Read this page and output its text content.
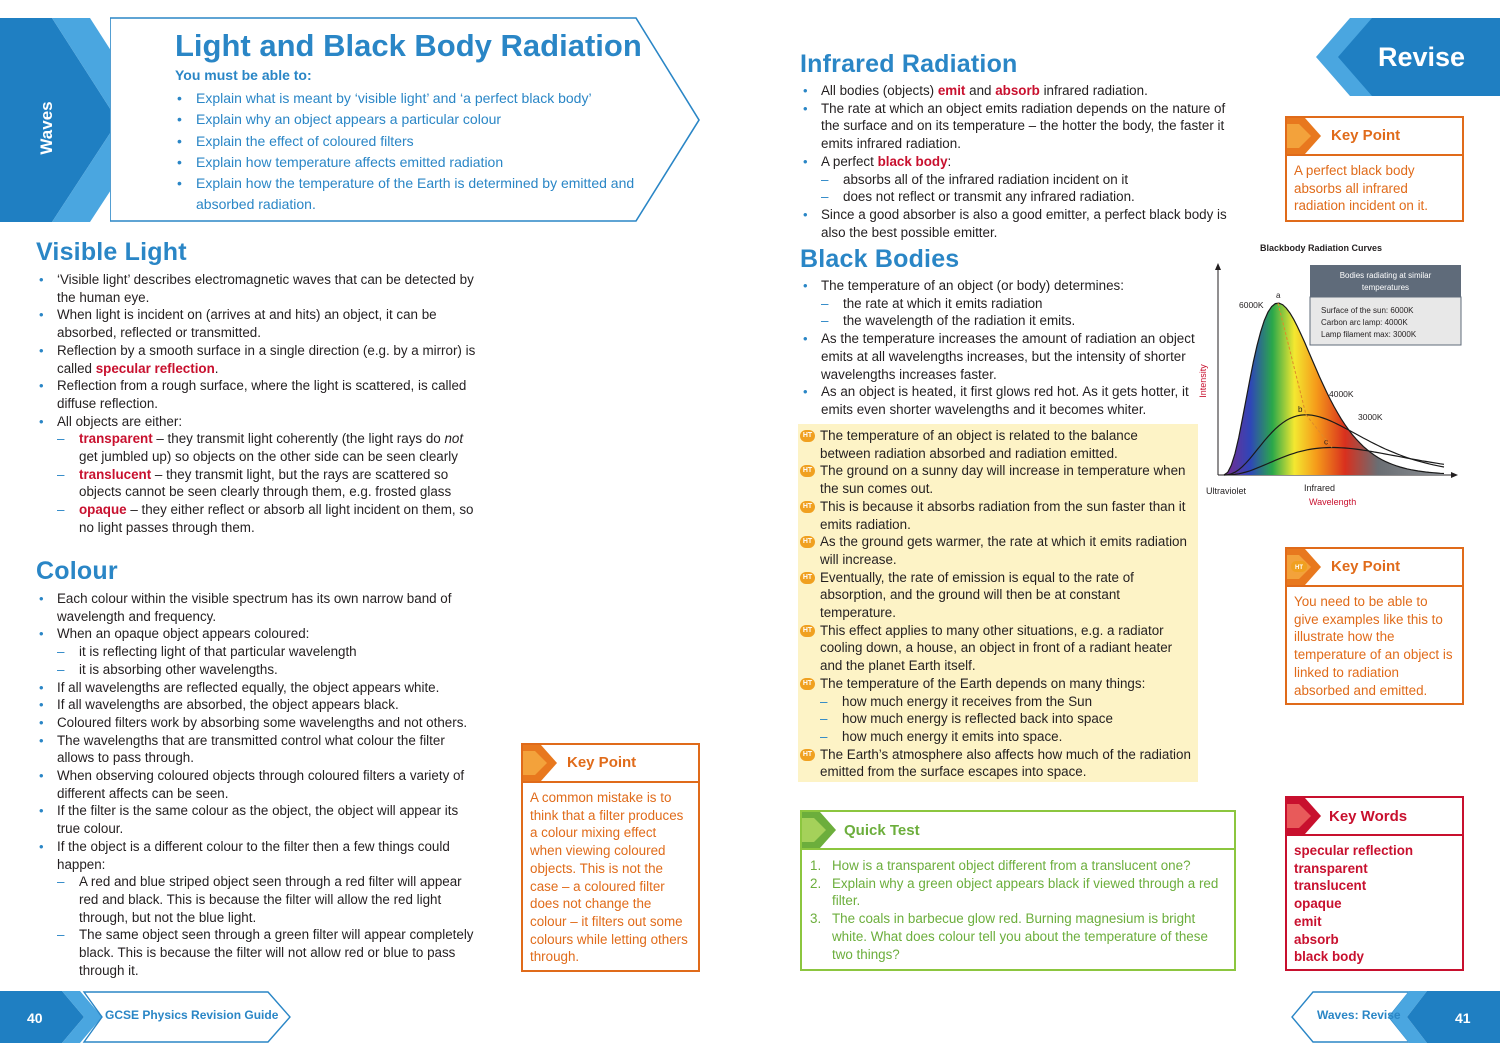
Waves
Light and Black Body Radiation
You must be able to:
• Explain what is meant by ‘visible light’ and ‘a perfect black body’
• Explain why an object appears a particular colour
• Explain the effect of coloured filters
• Explain how temperature affects emitted radiation
• Explain how the temperature of the Earth is determined by emitted and absorbed radiation.
Visible Light
• ‘Visible light’ describes electromagnetic waves that can be detected by the human eye.
• When light is incident on (arrives at and hits) an object, it can be absorbed, reflected or transmitted.
• Reflection by a smooth surface in a single direction (e.g. by a mirror) is called specular reflection.
• Reflection from a rough surface, where the light is scattered, is called diffuse reflection.
• All objects are either:
– transparent – they transmit light coherently (the light rays do not get jumbled up) so objects on the other side can be seen clearly
– translucent – they transmit light, but the rays are scattered so objects cannot be seen clearly through them, e.g. frosted glass
– opaque – they either reflect or absorb all light incident on them, so no light passes through them.
Colour
• Each colour within the visible spectrum has its own narrow band of wavelength and frequency.
• When an opaque object appears coloured:
– it is reflecting light of that particular wavelength
– it is absorbing other wavelengths.
• If all wavelengths are reflected equally, the object appears white.
• If all wavelengths are absorbed, the object appears black.
• Coloured filters work by absorbing some wavelengths and not others.
• The wavelengths that are transmitted control what colour the filter allows to pass through.
• When observing coloured objects through coloured filters a variety of different affects can be seen.
• If the filter is the same colour as the object, the object will appear its true colour.
• If the object is a different colour to the filter then a few things could happen:
– A red and blue striped object seen through a red filter will appear red and black. This is because the filter will allow the red light through, but not the blue light.
– The same object seen through a green filter will appear completely black. This is because the filter will not allow red or blue to pass through it.
Key Point
A common mistake is to think that a filter produces a colour mixing effect when viewing coloured objects. This is not the case – a coloured filter does not change the colour – it filters out some colours while letting others through.
40	GCSE Physics Revision Guide
Revise
Infrared Radiation
• All bodies (objects) emit and absorb infrared radiation.
• The rate at which an object emits radiation depends on the nature of the surface and on its temperature – the hotter the body, the faster it emits infrared radiation.
• A perfect black body:
– absorbs all of the infrared radiation incident on it
– does not reflect or transmit any infrared radiation.
• Since a good absorber is also a good emitter, a perfect black body is also the best possible emitter.
Black Bodies
• The temperature of an object (or body) determines:
– the rate at which it emits radiation
– the wavelength of the radiation it emits.
• As the temperature increases the amount of radiation an object emits at all wavelengths increases, but the intensity of shorter wavelengths increases faster.
• As an object is heated, it first glows red hot. As it gets hotter, it emits even shorter wavelengths and it becomes whiter.
HT The temperature of an object is related to the balance between radiation absorbed and radiation emitted.
HT The ground on a sunny day will increase in temperature when the sun comes out.
HT This is because it absorbs radiation from the sun faster than it emits radiation.
HT As the ground gets warmer, the rate at which it emits radiation will increase.
HT Eventually, the rate of emission is equal to the rate of absorption, and the ground will then be at constant temperature.
HT This effect applies to many other situations, e.g. a radiator cooling down, a house, an object in front of a radiant heater and the planet Earth itself.
HT The temperature of the Earth depends on many things:
– how much energy it receives from the Sun
– how much energy is reflected back into space
– how much energy it emits into space.
HT The Earth’s atmosphere also affects how much of the radiation emitted from the surface escapes into space.
Key Point
A perfect black body absorbs all infrared radiation incident on it.
Blackbody Radiation Curves
a
6000K
b
4000K
c
3000K
Intensity
Ultraviolet	Infrared
Wavelength
Bodies radiating at similar
temperatures
Surface of the sun: 6000K
Carbon arc lamp: 4000K
Lamp filament max: 3000K
HT Key Point
You need to be able to give examples like this to illustrate how the temperature of an object is linked to radiation absorbed and emitted.
Quick Test
1. How is a transparent object different from a translucent one?
2. Explain why a green object appears black if viewed through a red filter.
3. The coals in barbecue glow red. Burning magnesium is bright white. What does colour tell you about the temperature of these two things?
Key Words
specular reflection
transparent
translucent
opaque
emit
absorb
black body
Waves: Revise	41
